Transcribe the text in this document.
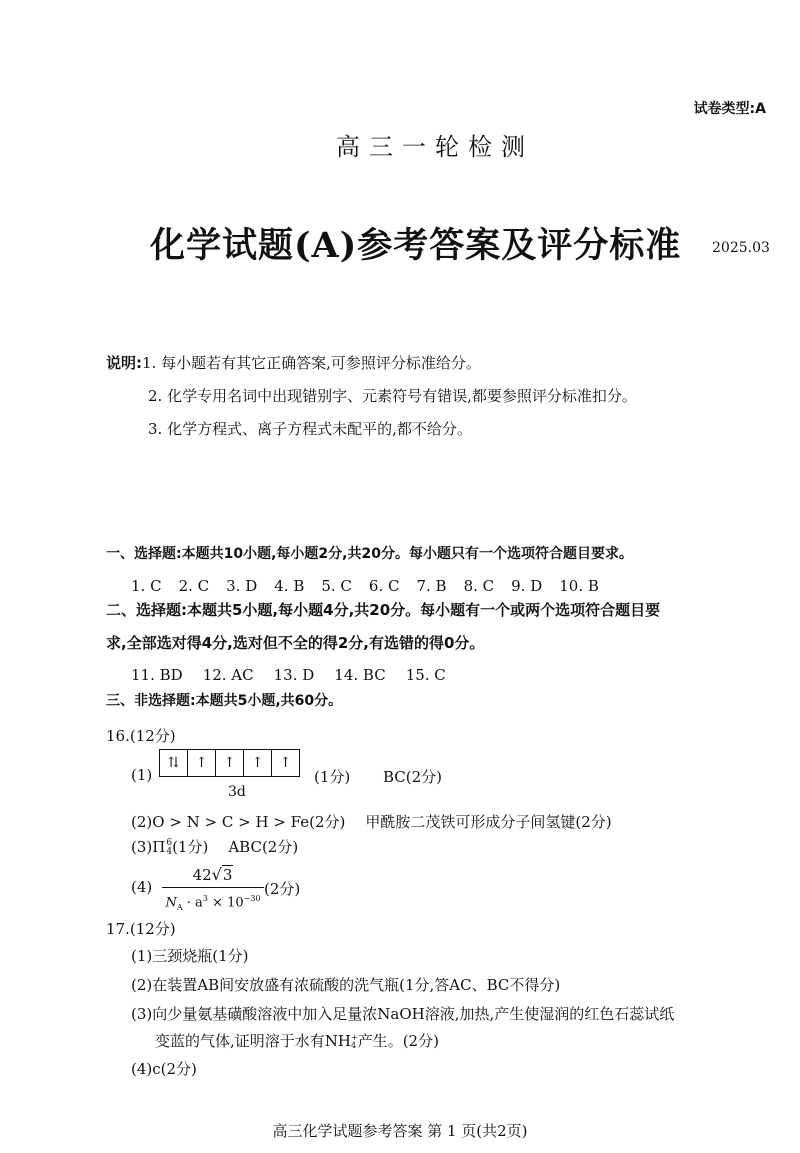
试卷类型:A
高三一轮检测
化学试题(A)参考答案及评分标准 2025.03
说明:1. 每小题若有其它正确答案,可参照评分标准给分。
2. 化学专用名词中出现错别字、元素符号有错误,都要参照评分标准扣分。
3. 化学方程式、离子方程式未配平的,都不给分。
一、选择题:本题共10小题,每小题2分,共20分。每小题只有一个选项符合题目要求。
1. C 2. C 3. D 4. B 5. C 6. C 7. B 8. C 9. D 10. B
二、选择题:本题共5小题,每小题4分,共20分。每小题有一个或两个选项符合题目要
求,全部选对得4分,选对但不全的得2分,有选错的得0分。
11. BD 12. AC 13. D 14. BC 15. C
三、非选择题:本题共5小题,共60分。
16.(12分)
(1)
⇅	↑	↑	↑	↑
3d
(1分) BC(2分)
(2)O > N > C > H > Fe(2分) 甲酰胺二茂铁可形成分子间氢键(2分)
(3)Π 6
4 (1分) ABC(2分)
(4)
42√3
$N_A \cdot a^3 \times 10^{-30}$
(2分)
17.(12分)
(1)三颈烧瓶(1分)
(2)在装置AB间安放盛有浓硫酸的洗气瓶(1分,答AC、BC不得分)
(3)向少量氨基磺酸溶液中加入足量浓NaOH溶液,加热,产生使湿润的红色石蕊试纸
变蓝的气体,证明溶于水有NH +
4 产生。(2分)
(4)c(2分)
高三化学试题参考答案 第 1 页(共2页)
